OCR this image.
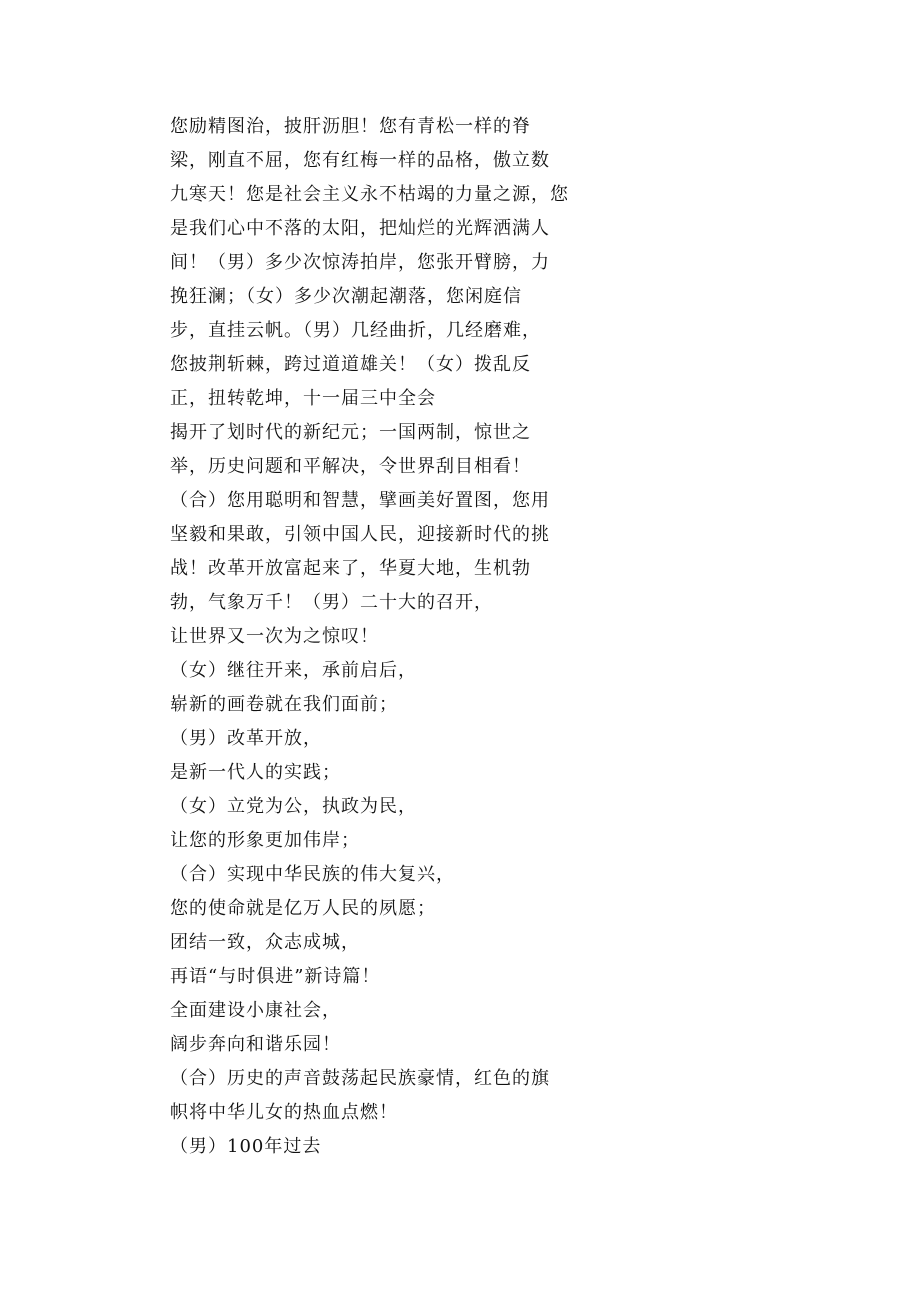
您励精图治，披肝沥胆！您有青松一样的脊
梁，刚直不屈，您有红梅一样的品格，傲立数
九寒天！您是社会主义永不枯竭的力量之源，您
是我们心中不落的太阳，把灿烂的光辉洒满人
间！（男）多少次惊涛拍岸，您张开臂膀，力
挽狂澜；（女）多少次潮起潮落，您闲庭信
步，直挂云帆。（男）几经曲折，几经磨难，
您披荆斩棘，跨过道道雄关！（女）拨乱反
正，扭转乾坤，十一届三中全会
揭开了划时代的新纪元；一国两制，惊世之
举，历史问题和平解决，令世界刮目相看！
（合）您用聪明和智慧，擘画美好置图，您用
坚毅和果敢，引领中国人民，迎接新时代的挑
战！改革开放富起来了，华夏大地，生机勃
勃，气象万千！（男）二十大的召开，
让世界又一次为之惊叹！
（女）继往开来，承前启后，
崭新的画卷就在我们面前；
（男）改革开放，
是新一代人的实践；
（女）立党为公，执政为民，
让您的形象更加伟岸；
（合）实现中华民族的伟大复兴，
您的使命就是亿万人民的夙愿；
团结一致，众志成城，
再语“与时俱进”新诗篇！
全面建设小康社会，
阔步奔向和谐乐园！
（合）历史的声音鼓荡起民族豪情，红色的旗
帜将中华儿女的热血点燃！
（男）100年过去
